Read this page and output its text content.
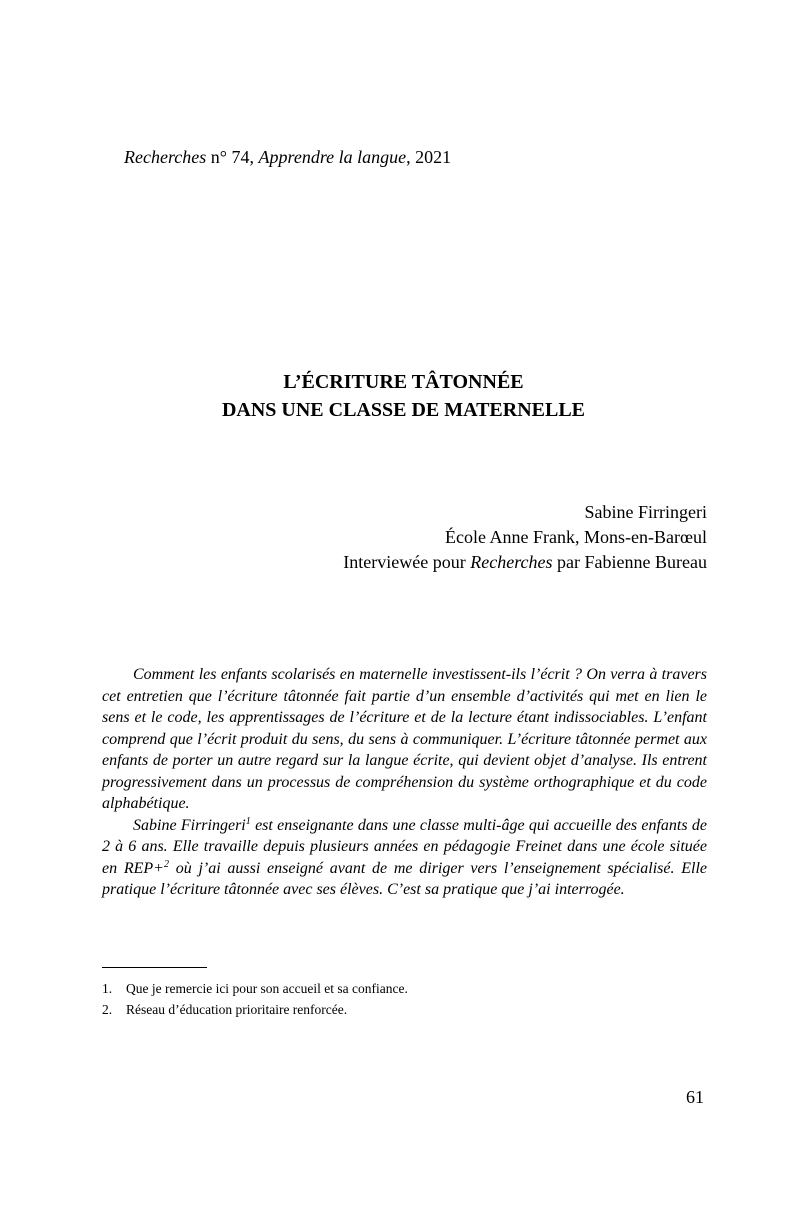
Recherches n° 74, Apprendre la langue, 2021
L’ÉCRITURE TÂTONNÉE
DANS UNE CLASSE DE MATERNELLE
Sabine Firringeri
École Anne Frank, Mons-en-Barœul
Interviewée pour Recherches par Fabienne Bureau

Comment les enfants scolarisés en maternelle investissent-ils l’écrit ? On verra à travers cet entretien que l’écriture tâtonnée fait partie d’un ensemble d’activités qui met en lien le sens et le code, les apprentissages de l’écriture et de la lecture étant indissociables. L’enfant comprend que l’écrit produit du sens, du sens à communiquer. L’écriture tâtonnée permet aux enfants de porter un autre regard sur la langue écrite, qui devient objet d’analyse. Ils entrent progressivement dans un processus de compréhension du système orthographique et du code alphabétique.

Sabine Firringeri$^1$ est enseignante dans une classe multi-âge qui accueille des enfants de 2 à 6 ans. Elle travaille depuis plusieurs années en pédagogie Freinet dans une école située en REP+$^2$ où j’ai aussi enseigné avant de me diriger vers l’enseignement spécialisé. Elle pratique l’écriture tâtonnée avec ses élèves. C’est sa pratique que j’ai interrogée.

1. Que je remercie ici pour son accueil et sa confiance.
2. Réseau d’éducation prioritaire renforcée.
61
